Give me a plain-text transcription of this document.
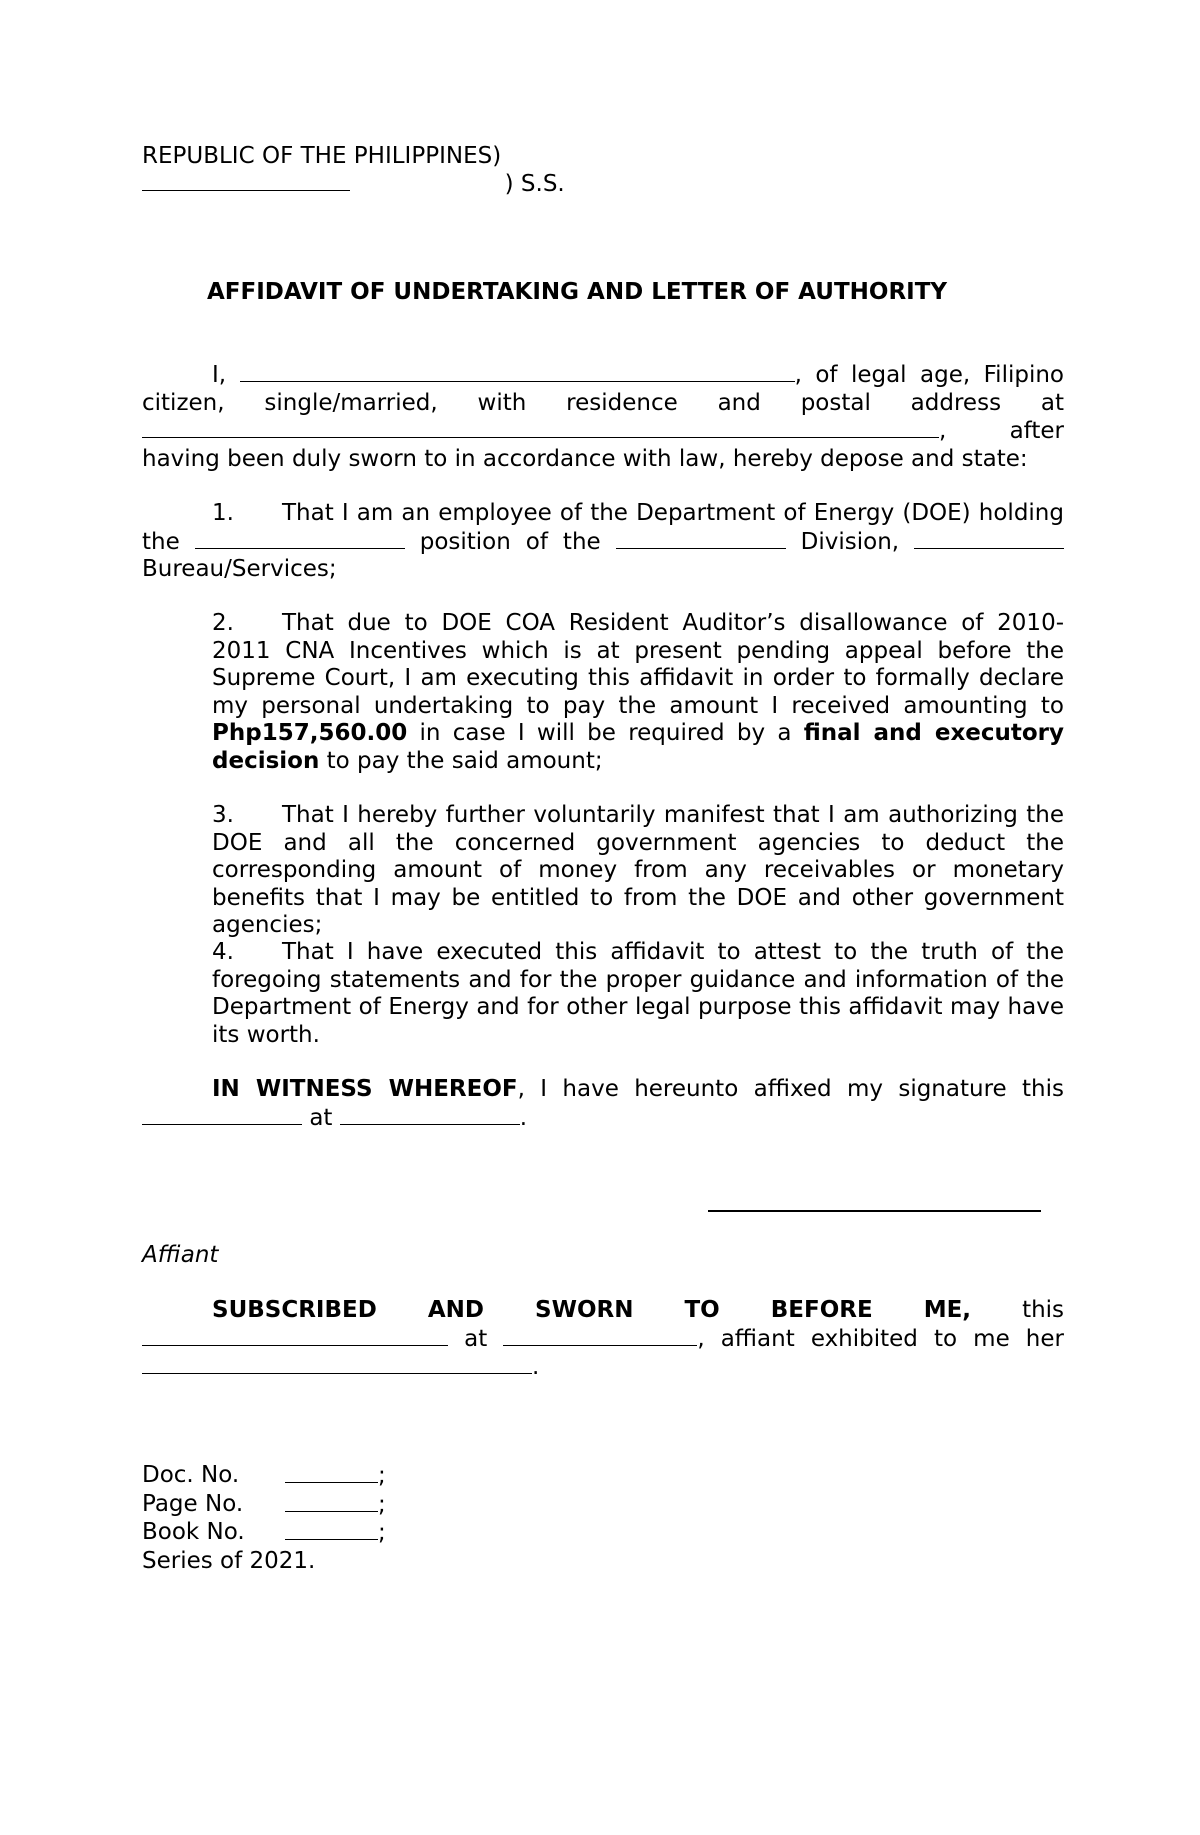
REPUBLIC OF THE PHILIPPINES)
) S.S.
AFFIDAVIT OF UNDERTAKING AND LETTER OF AUTHORITY
I,	, of legal age, Filipino
citizen, single/married, with residence and postal address at
, after
having been duly sworn to in accordance with law, hereby depose and state:
1. That I am an employee of the Department of Energy (DOE) holding
the	position of the	Division,
Bureau/Services;
2. That due to DOE COA Resident Auditor’s disallowance of 2010-2011 CNA Incentives which is at present pending appeal before the Supreme Court, I am executing this affidavit in order to formally declare my personal undertaking to pay the amount I received amounting to Php157,560.00 in case I will be required by a final and executory decision to pay the said amount;
3. That I hereby further voluntarily manifest that I am authorizing the DOE and all the concerned government agencies to deduct the corresponding amount of money from any receivables or monetary benefits that I may be entitled to from the DOE and other government agencies;
4. That I have executed this affidavit to attest to the truth of the foregoing statements and for the proper guidance and information of the Department of Energy and for other legal purpose this affidavit may have its worth.
IN WITNESS WHEREOF, I have hereunto affixed my signature this
at	.
Affiant
SUBSCRIBED AND SWORN TO BEFORE ME, this
at	, affiant exhibited to me her
.
Doc. No.	;
Page No.	;
Book No.	;
Series of 2021.	
